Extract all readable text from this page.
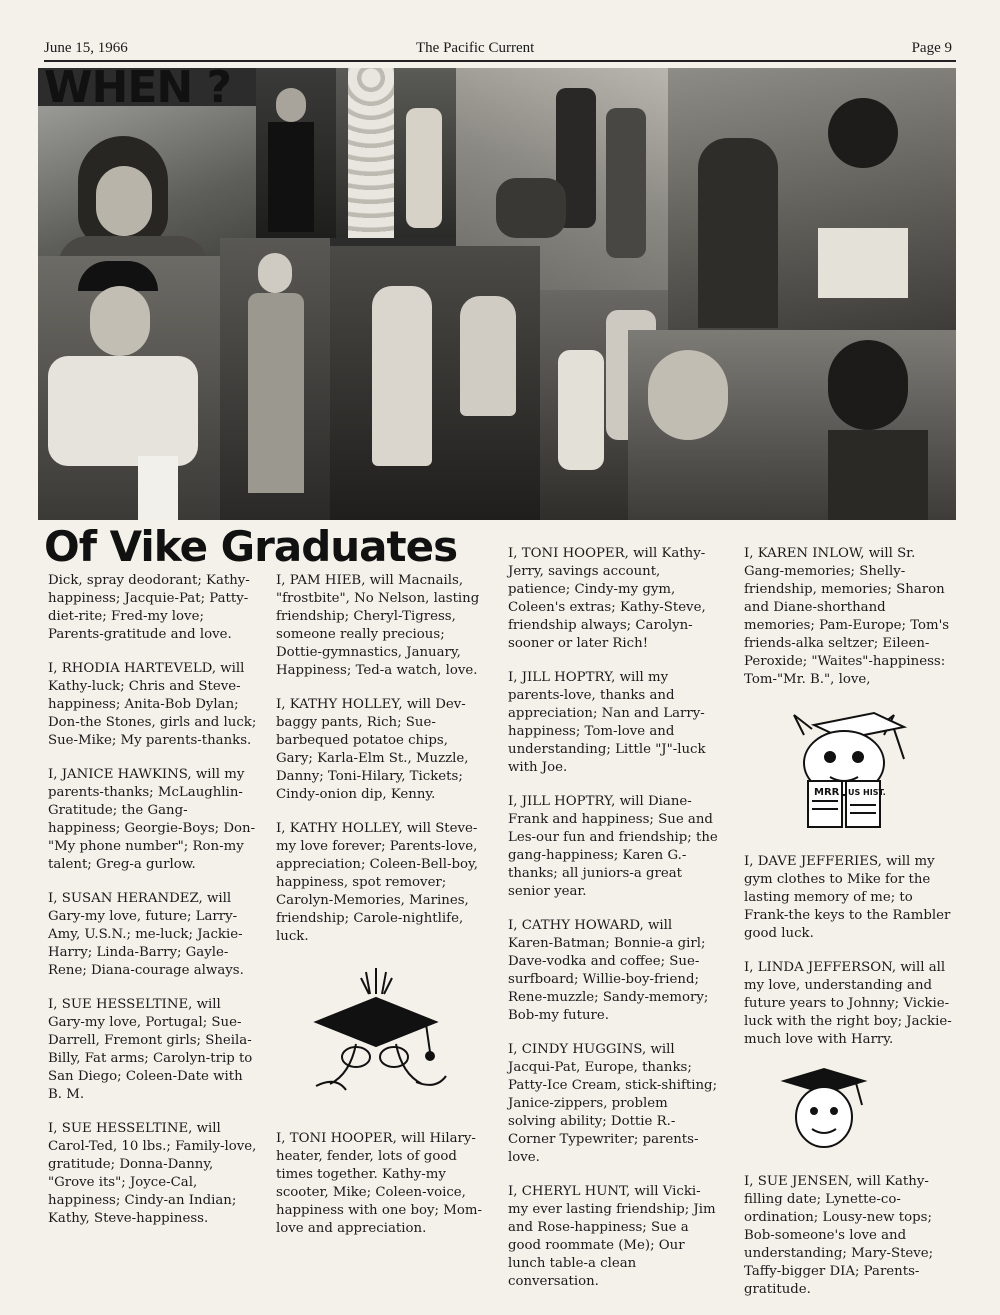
June 15, 1966	The Pacific Current	Page 9
WHEN ?
Of Vike Graduates

Dick, spray deodorant; Kathy-happiness; Jacquie-Pat; Patty-diet-rite; Fred-my love; Parents-gratitude and love.

I, RHODIA HARTEVELD, will Kathy-luck; Chris and Steve-happiness; Anita-Bob Dylan; Don-the Stones, girls and luck; Sue-Mike; My parents-thanks.

I, JANICE HAWKINS, will my parents-thanks; McLaughlin-Gratitude; the Gang-happiness; Georgie-Boys; Don-"My phone number"; Ron-my talent; Greg-a gurlow.

I, SUSAN HERANDEZ, will Gary-my love, future; Larry-Amy, U.S.N.; me-luck; Jackie-Harry; Linda-Barry; Gayle-Rene; Diana-courage always.

I, SUE HESSELTINE, will Gary-my love, Portugal; Sue-Darrell, Fremont girls; Sheila-Billy, Fat arms; Carolyn-trip to San Diego; Coleen-Date with B. M.

I, SUE HESSELTINE, will Carol-Ted, 10 lbs.; Family-love, gratitude; Donna-Danny, "Grove its"; Joyce-Cal, happiness; Cindy-an Indian; Kathy, Steve-happiness.

I, PAM HIEB, will Macnails, "frostbite", No Nelson, lasting friendship; Cheryl-Tigress, someone really precious; Dottie-gymnastics, January, Happiness; Ted-a watch, love.

I, KATHY HOLLEY, will Dev-baggy pants, Rich; Sue-barbequed potatoe chips, Gary; Karla-Elm St., Muzzle, Danny; Toni-Hilary, Tickets; Cindy-onion dip, Kenny.

I, KATHY HOLLEY, will Steve-my love forever; Parents-love, appreciation; Coleen-Bell-boy, happiness, spot remover; Carolyn-Memories, Marines, friendship; Carole-nightlife, luck.

I, TONI HOOPER, will Hilary-heater, fender, lots of good times together. Kathy-my scooter, Mike; Coleen-voice, happiness with one boy; Mom-love and appreciation.

I, TONI HOOPER, will Kathy-Jerry, savings account, patience; Cindy-my gym, Coleen's extras; Kathy-Steve, friendship always; Carolyn-sooner or later Rich!

I, JILL HOPTRY, will my parents-love, thanks and appreciation; Nan and Larry-happiness; Tom-love and understanding; Little "J"-luck with Joe.

I, JILL HOPTRY, will Diane-Frank and happiness; Sue and Les-our fun and friendship; the gang-happiness; Karen G.-thanks; all juniors-a great senior year.

I, CATHY HOWARD, will Karen-Batman; Bonnie-a girl; Dave-vodka and coffee; Sue-surfboard; Willie-boy-friend; Rene-muzzle; Sandy-memory; Bob-my future.

I, CINDY HUGGINS, will Jacqui-Pat, Europe, thanks; Patty-Ice Cream, stick-shifting; Janice-zippers, problem solving ability; Dottie R.-Corner Typewriter; parents-love.

I, CHERYL HUNT, will Vicki-my ever lasting friendship; Jim and Rose-happiness; Sue a good roommate (Me); Our lunch table-a clean conversation.

I, KAREN INLOW, will Sr. Gang-memories; Shelly-friendship, memories; Sharon and Diane-shorthand memories; Pam-Europe; Tom's friends-alka seltzer; Eileen-Peroxide; "Waites"-happiness: Tom-"Mr. B.", love,

MRR US HIST.

I, DAVE JEFFERIES, will my gym clothes to Mike for the lasting memory of me; to Frank-the keys to the Rambler good luck.

I, LINDA JEFFERSON, will all my love, understanding and future years to Johnny; Vickie-luck with the right boy; Jackie-much love with Harry.

I, SUE JENSEN, will Kathy-filling date; Lynette-co-ordination; Lousy-new tops; Bob-someone's love and understanding; Mary-Steve; Taffy-bigger DIA; Parents-gratitude.
